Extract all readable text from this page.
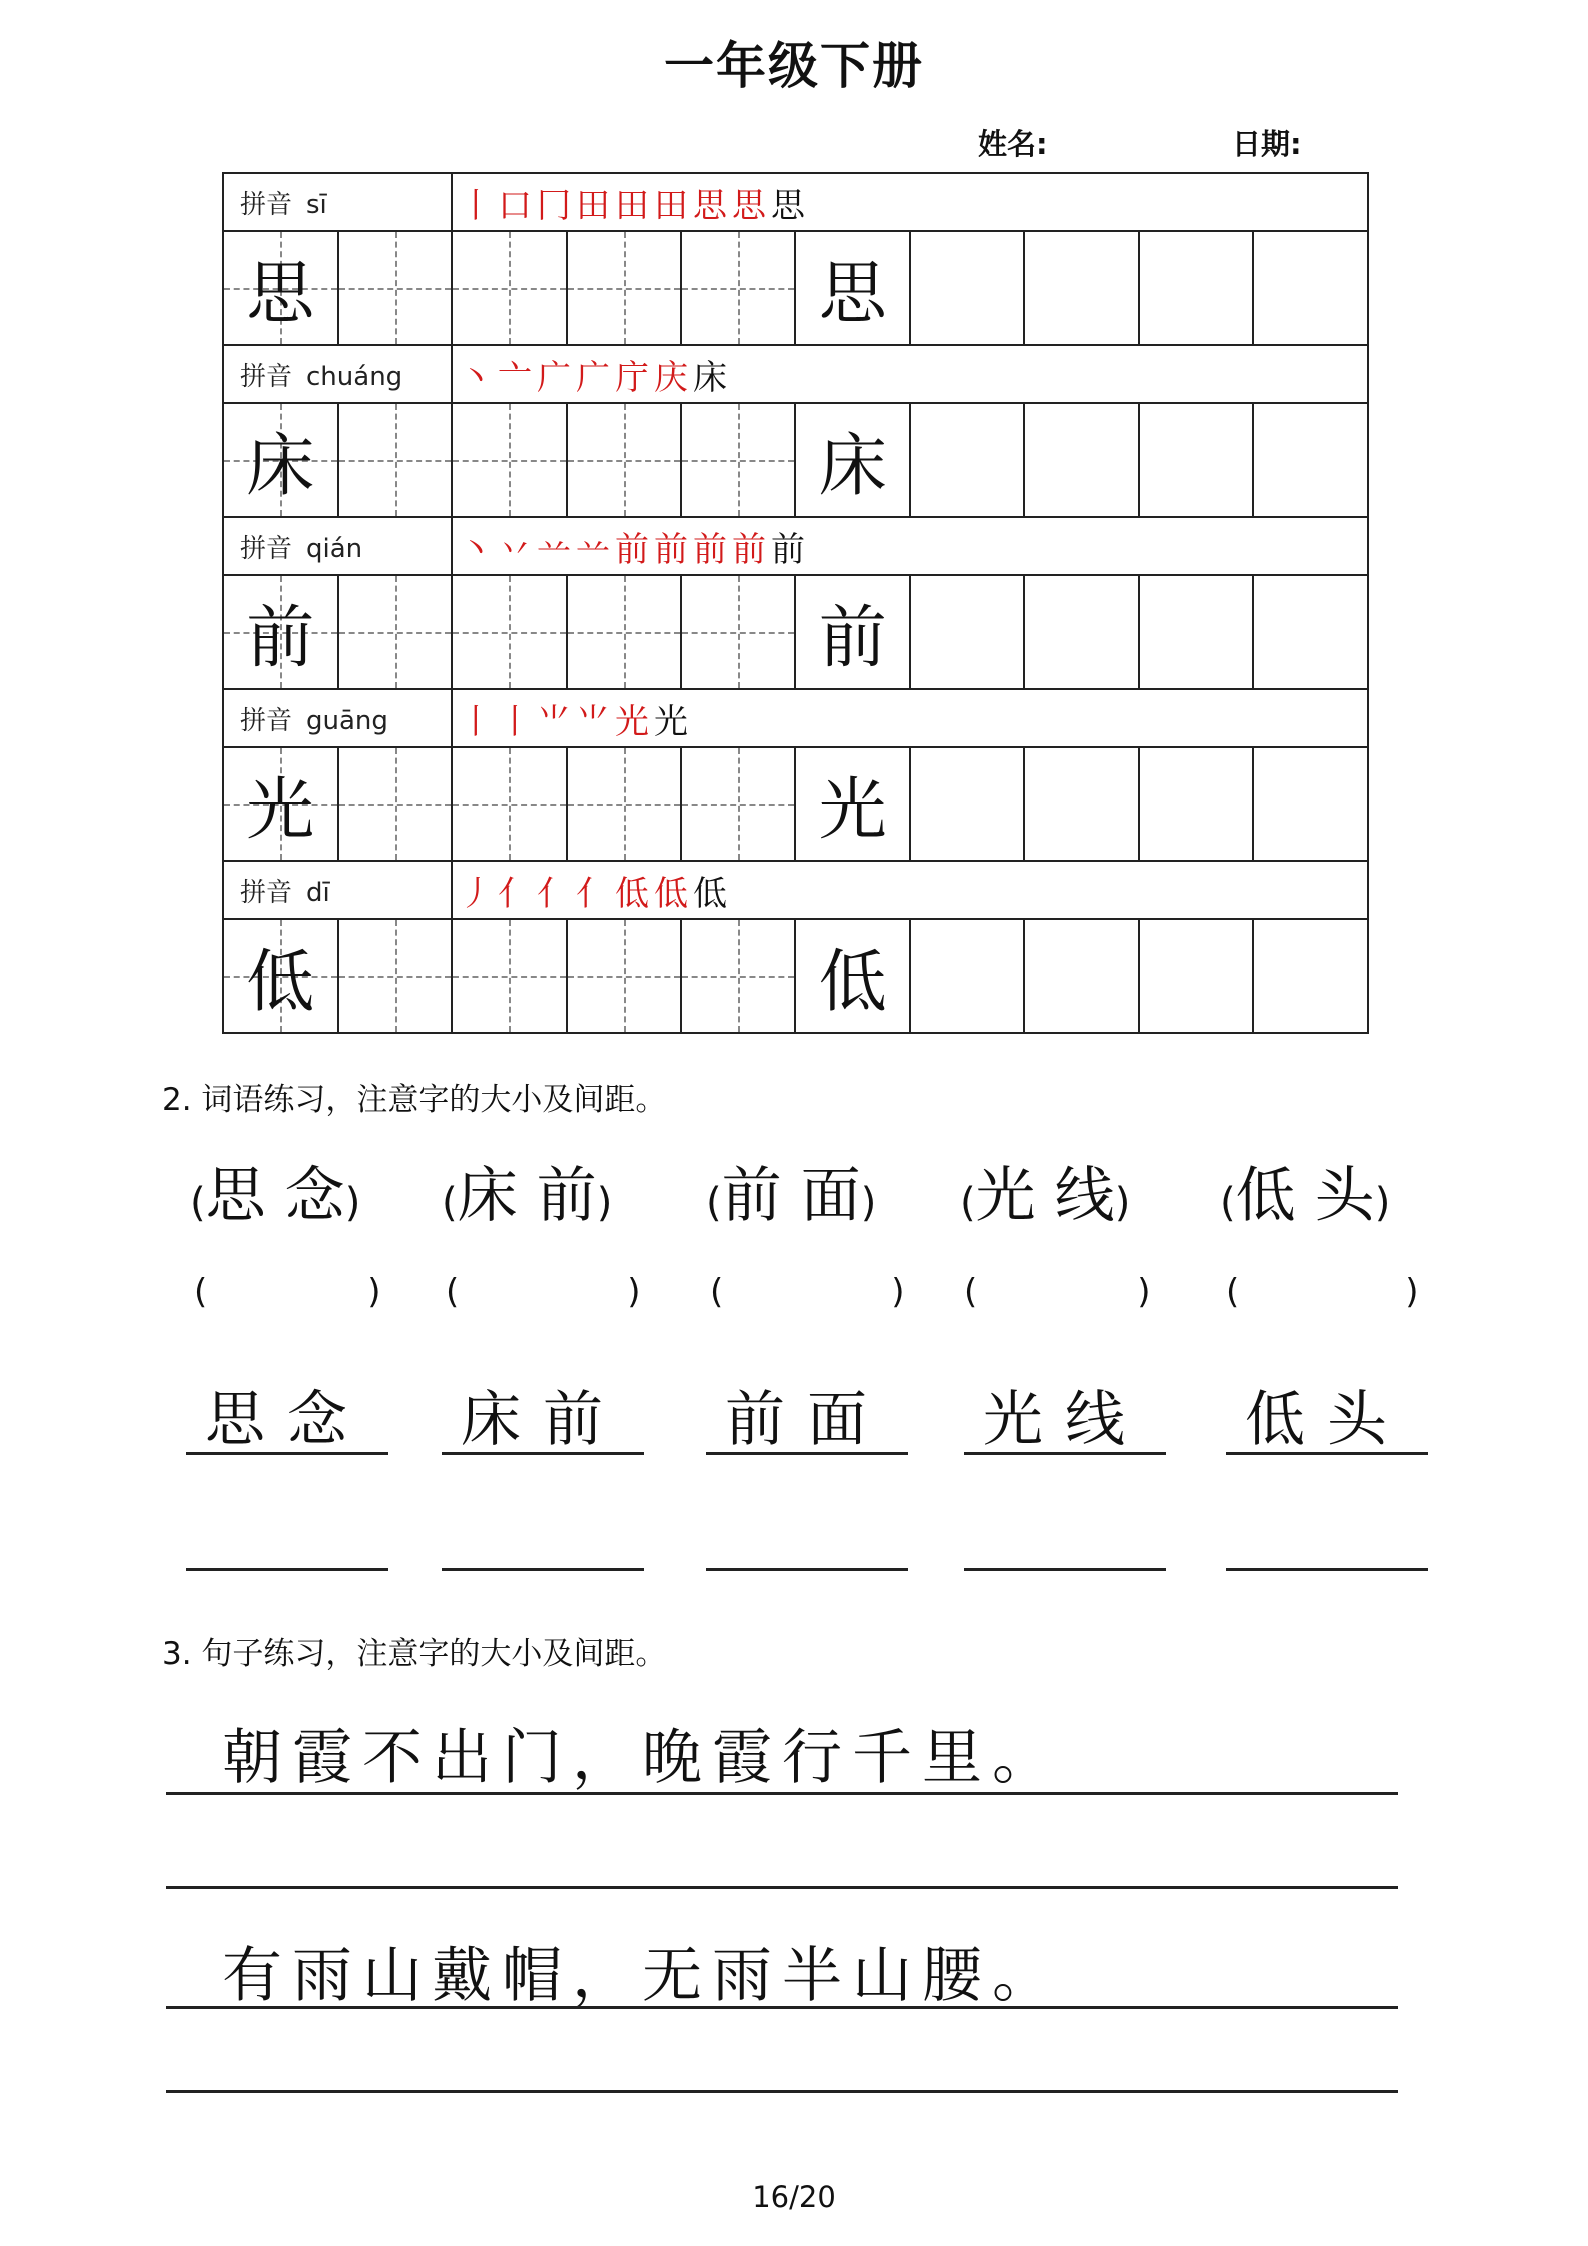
一年级下册
姓名:	日期:
拼音 sī		丨口冂田田田思思思							

思					思				

拼音 chuáng		丶亠广广庁庆床							

床					床				

拼音 qián		丶丷䒑䒑前前前前前							

前					前				

拼音 guāng		丨丨⺌⺌光光							

光					光				

拼音 dī		丿亻亻亻低低低							

低					低				

2. 词语练习，注意字的大小及间距。
(思 念) (床 前) (前 面) (光 线) (低 头)
(	) (	) (	) (	) (	)
思念	床前	前面	光线	低头
3. 句子练习，注意字的大小及间距。
朝霞不出门，晚霞行千里。
有雨山戴帽，无雨半山腰。
16/20
